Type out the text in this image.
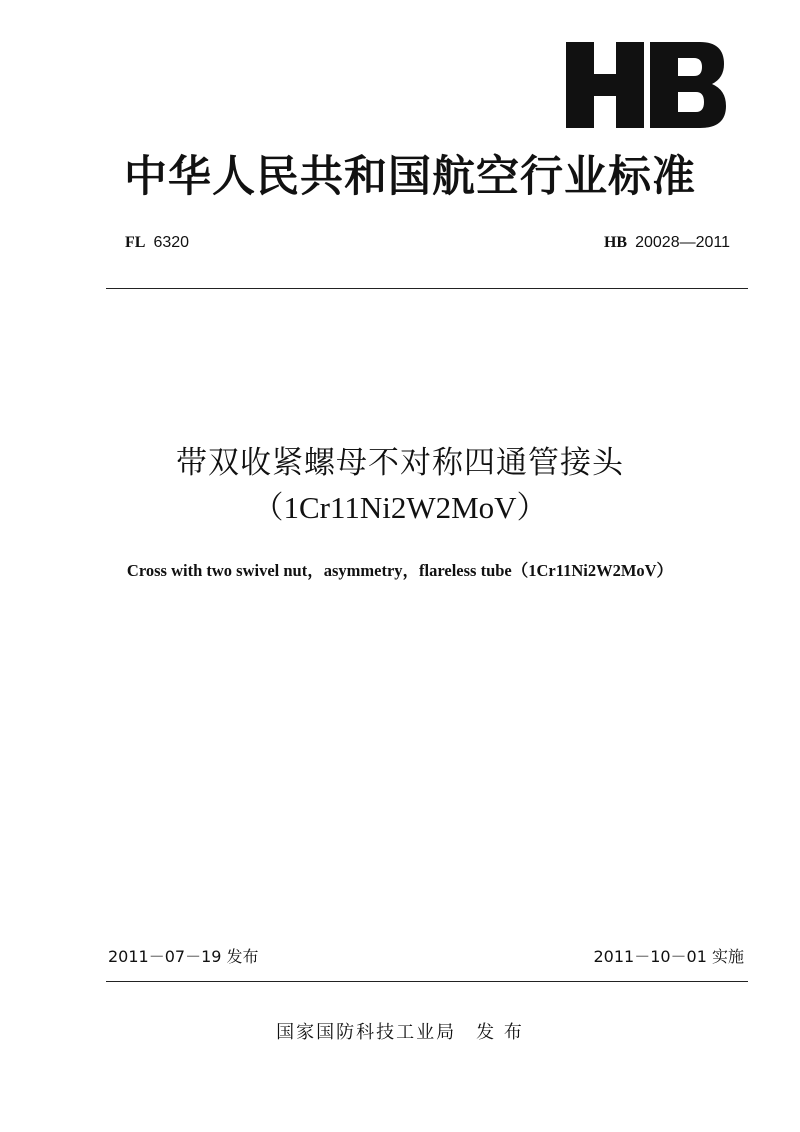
中华人民共和国航空行业标准
FL 6320	HB 20028—2011
带双收紧螺母不对称四通管接头
（1Cr11Ni2W2MoV）
Cross with two swivel nut，asymmetry，flareless tube（1Cr11Ni2W2MoV）
2011－07－19 发布	2011－10－01 实施
国家国防科技工业局　发 布
